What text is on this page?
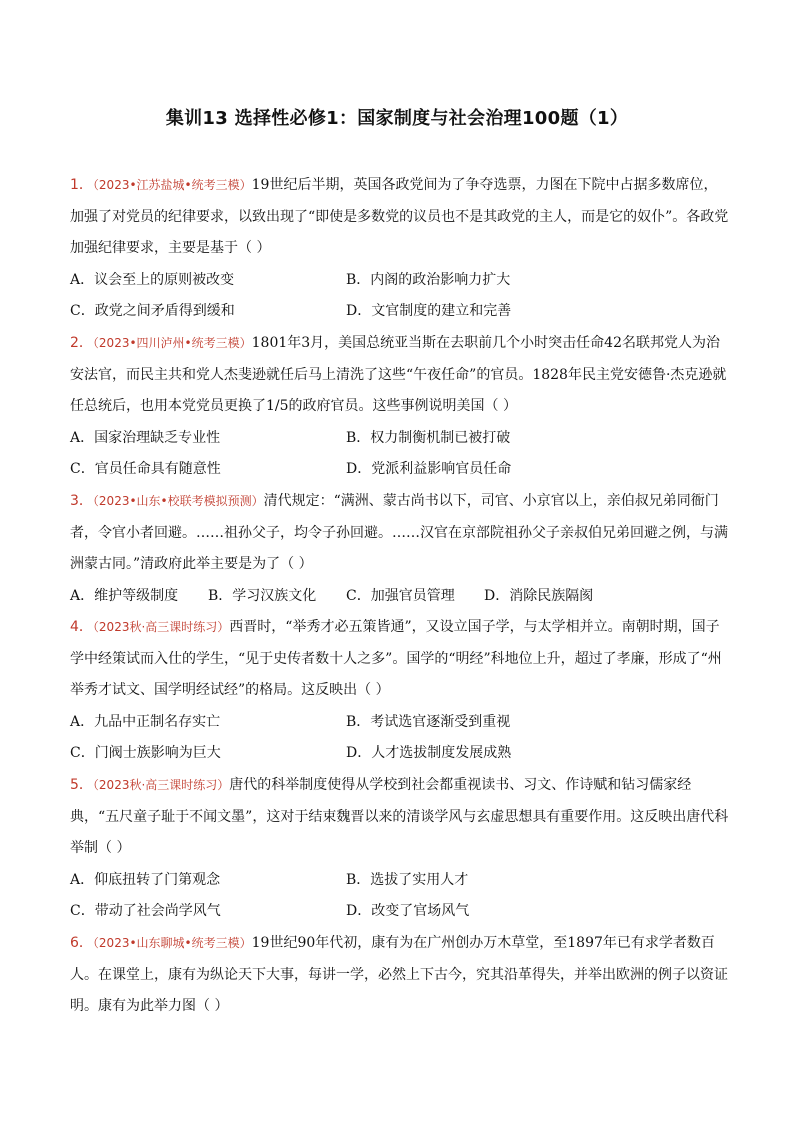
集训13 选择性必修1：国家制度与社会治理100题（1）

1．（2023•江苏盐城•统考三模）19世纪后半期，英国各政党间为了争夺选票，力图在下院中占据多数席位，加强了对党员的纪律要求，以致出现了“即使是多数党的议员也不是其政党的主人，而是它的奴仆”。各政党加强纪律要求，主要是基于（ ）

A．议会至上的原则被改变	B．内阁的政治影响力扩大
C．政党之间矛盾得到缓和	D．文官制度的建立和完善

2．（2023•四川泸州•统考三模）1801年3月，美国总统亚当斯在去职前几个小时突击任命42名联邦党人为治安法官，而民主共和党人杰斐逊就任后马上清洗了这些“午夜任命”的官员。1828年民主党安德鲁·杰克逊就任总统后，也用本党党员更换了1/5的政府官员。这些事例说明美国（ ）

A．国家治理缺乏专业性	B．权力制衡机制已被打破
C．官员任命具有随意性	D．党派利益影响官员任命

3．（2023•山东•校联考模拟预测）清代规定：“满洲、蒙古尚书以下，司官、小京官以上，亲伯叔兄弟同衙门者，令官小者回避。……祖孙父子，均令子孙回避。……汉官在京部院祖孙父子亲叔伯兄弟回避之例，与满洲蒙古同。”清政府此举主要是为了（ ）

A．维护等级制度 B．学习汉族文化 C．加强官员管理 D．消除民族隔阂

4．（2023秋·高三课时练习）西晋时，“举秀才必五策皆通”，又设立国子学，与太学相并立。南朝时期，国子学中经策试而入仕的学生，“见于史传者数十人之多”。国学的“明经”科地位上升，超过了孝廉，形成了“州举秀才试文、国学明经试经”的格局。这反映出（ ）

A．九品中正制名存实亡	B．考试选官逐渐受到重视
C．门阀士族影响为巨大	D．人才选拔制度发展成熟

5．（2023秋·高三课时练习）唐代的科举制度使得从学校到社会都重视读书、习文、作诗赋和钻习儒家经典，“五尺童子耻于不闻文墨”，这对于结束魏晋以来的清谈学风与玄虚思想具有重要作用。这反映出唐代科举制（ ）

A．仰底扭转了门第观念	B．选拔了实用人才
C．带动了社会尚学风气	D．改变了官场风气

6．（2023•山东聊城•统考三模）19世纪90年代初，康有为在广州创办万木草堂，至1897年已有求学者数百人。在课堂上，康有为纵论天下大事，每讲一学，必然上下古今，究其沿革得失，并举出欧洲的例子以资证明。康有为此举力图（ ）
